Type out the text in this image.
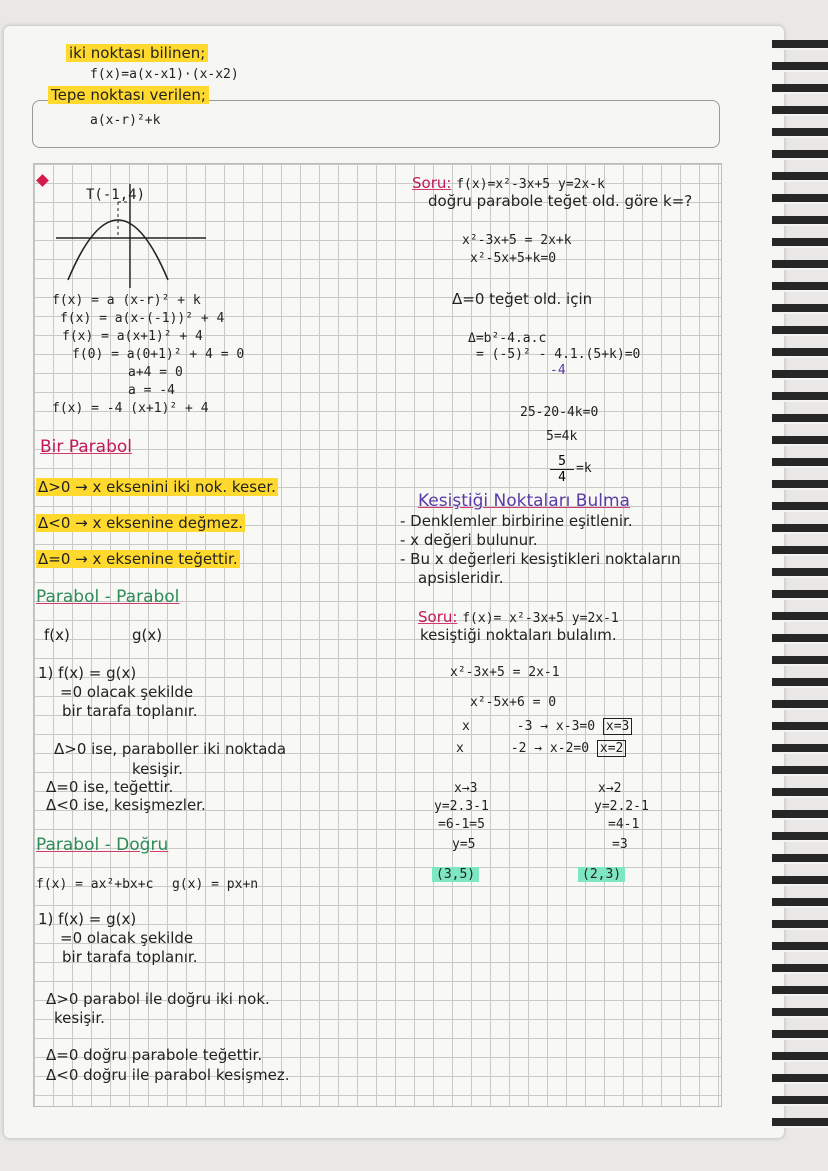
iki noktası bilinen;
f(x)=a(x-x1)·(x-x2)
Tepe noktası verilen;
a(x-r)²+k
T(-1,4)
f(x) = a (x-r)² + k
f(x) = a(x-(-1))² + 4
f(x) = a(x+1)² + 4
f(0) = a(0+1)² + 4 = 0
a+4 = 0
a = -4
f(x) = -4 (x+1)² + 4
Bir Parabol
Δ>0 → x eksenini iki nok. keser.
Δ<0 → x eksenine değmez.
Δ=0 → x eksenine teğettir.
Parabol - Parabol
f(x)	g(x)
1) f(x) = g(x)
=0 olacak şekilde
bir tarafa toplanır.
Δ>0 ise, paraboller iki noktada
kesişir.
Δ=0 ise, teğettir.
Δ<0 ise, kesişmezler.
Parabol - Doğru
f(x) = ax²+bx+c g(x) = px+n
1) f(x) = g(x)
=0 olacak şekilde
bir tarafa toplanır.
Δ>0 parabol ile doğru iki nok.
kesişir.
Δ=0 doğru parabole teğettir.
Δ<0 doğru ile parabol kesişmez.
Soru: f(x)=x²-3x+5 y=2x-k
doğru parabole teğet old. göre k=?
x²-3x+5 = 2x+k
x²-5x+5+k=0
Δ=0 teğet old. için
Δ=b²-4.a.c
= (-5)² - 4.1.(5+k)=0
-4
25-20-4k=0
5=4k
$\frac{5}{4} =k$
Kesiştiği Noktaları Bulma
- Denklemler birbirine eşitlenir.
- x değeri bulunur.
- Bu x değerleri kesiştikleri noktaların
apsisleridir.
Soru: f(x)= x²-3x+5 y=2x-1
kesiştiği noktaları bulalım.
x²-3x+5 = 2x-1
x²-5x+6 = 0
x	-3 → x-3=0 x=3
x	-2 → x-2=0 x=2
x→3
y=2.3-1
=6-1=5
y=5
(3,5)
x→2
y=2.2-1
=4-1
=3
(2,3)
